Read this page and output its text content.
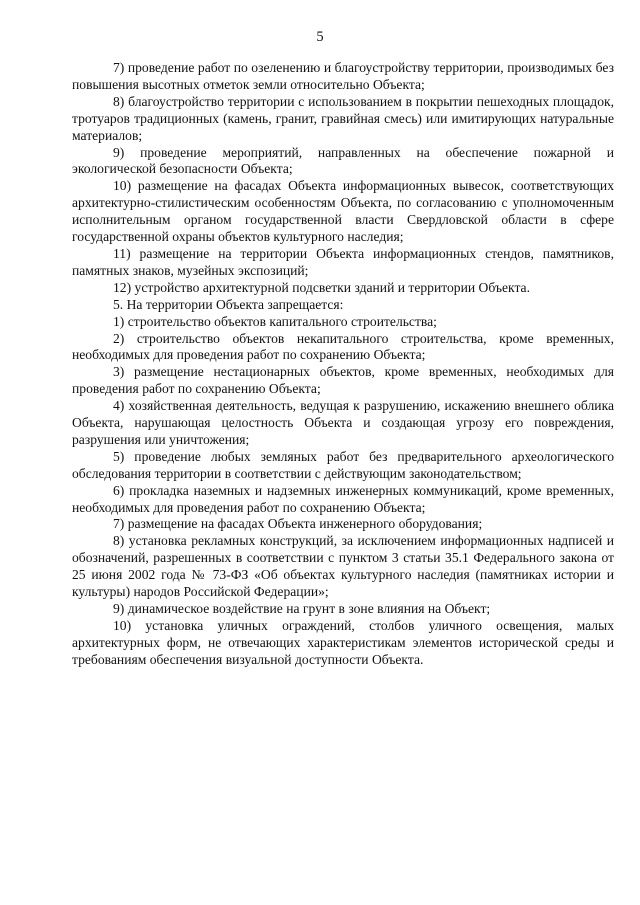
5

7) проведение работ по озеленению и благоустройству территории, производимых без повышения высотных отметок земли относительно Объекта;

8) благоустройство территории с использованием в покрытии пешеходных площадок, тротуаров традиционных (камень, гранит, гравийная смесь) или имитирующих натуральные материалов;

9) проведение мероприятий, направленных на обеспечение пожарной и экологической безопасности Объекта;

10) размещение на фасадах Объекта информационных вывесок, соответствующих архитектурно-стилистическим особенностям Объекта, по согласованию с уполномоченным исполнительным органом государственной власти Свердловской области в сфере государственной охраны объектов культурного наследия;

11) размещение на территории Объекта информационных стендов, памятников, памятных знаков, музейных экспозиций;

12) устройство архитектурной подсветки зданий и территории Объекта.

5. На территории Объекта запрещается:

1) строительство объектов капитального строительства;

2) строительство объектов некапитального строительства, кроме временных, необходимых для проведения работ по сохранению Объекта;

3) размещение нестационарных объектов, кроме временных, необходимых для проведения работ по сохранению Объекта;

4) хозяйственная деятельность, ведущая к разрушению, искажению внешнего облика Объекта, нарушающая целостность Объекта и создающая угрозу его повреждения, разрушения или уничтожения;

5) проведение любых земляных работ без предварительного археологического обследования территории в соответствии с действующим законодательством;

6) прокладка наземных и надземных инженерных коммуникаций, кроме временных, необходимых для проведения работ по сохранению Объекта;

7) размещение на фасадах Объекта инженерного оборудования;

8) установка рекламных конструкций, за исключением информационных надписей и обозначений, разрешенных в соответствии с пунктом 3 статьи 35.1 Федерального закона от 25 июня 2002 года № 73-ФЗ «Об объектах культурного наследия (памятниках истории и культуры) народов Российской Федерации»;

9) динамическое воздействие на грунт в зоне влияния на Объект;

10) установка уличных ограждений, столбов уличного освещения, малых архитектурных форм, не отвечающих характеристикам элементов исторической среды и требованиям обеспечения визуальной доступности Объекта.
